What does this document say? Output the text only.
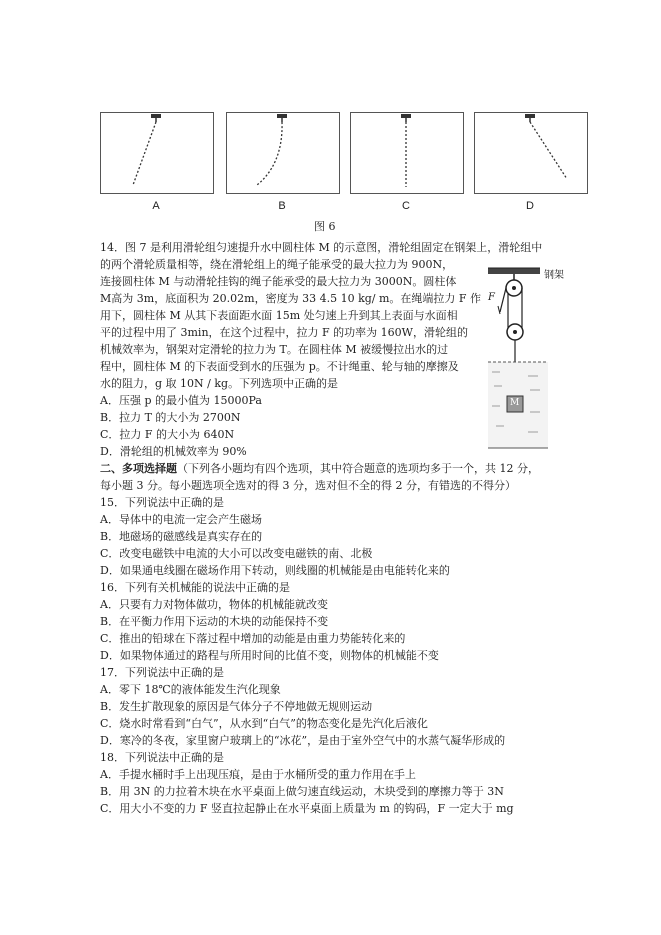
A	B	C	D
图 6
14．图 7 是利用滑轮组匀速提升水中圆柱体 M 的示意图，滑轮组固定在钢架上，滑轮组中
的两个滑轮质量相等，绕在滑轮组上的绳子能承受的最大拉力为 900N，
连接圆柱体 M 与动滑轮挂钩的绳子能承受的最大拉力为 3000N。圆柱体
M高为 3m，底面积为 20.02m，密度为 33 4.5 10 kg/ m。在绳端拉力 F 作
用下，圆柱体 M 从其下表面距水面 15m 处匀速上升到其上表面与水面相
平的过程中用了 3min，在这个过程中，拉力 F 的功率为 160W，滑轮组的
机械效率为，钢架对定滑轮的拉力为 T。在圆柱体 M 被缓慢拉出水的过
程中，圆柱体 M 的下表面受到水的压强为 p。不计绳重、轮与轴的摩擦及
水的阻力，g 取 10N / kg。下列选项中正确的是
A．压强 p 的最小值为 15000Pa
B．拉力 T 的大小为 2700N
C．拉力 F 的大小为 640N
D．滑轮组的机械效率为 90%
钢架
F
M
二、多项选择题（下列各小题均有四个选项，其中符合题意的选项均多于一个，共 12 分，
每小题 3 分。每小题选项全选对的得 3 分，选对但不全的得 2 分，有错选的不得分）
15．下列说法中正确的是
A．导体中的电流一定会产生磁场
B．地磁场的磁感线是真实存在的
C．改变电磁铁中电流的大小可以改变电磁铁的南、北极
D．如果通电线圈在磁场作用下转动，则线圈的机械能是由电能转化来的
16．下列有关机械能的说法中正确的是
A．只要有力对物体做功，物体的机械能就改变
B．在平衡力作用下运动的木块的动能保持不变
C．推出的铅球在下落过程中增加的动能是由重力势能转化来的
D．如果物体通过的路程与所用时间的比值不变，则物体的机械能不变
17．下列说法中正确的是
A．零下 18℃的液体能发生汽化现象
B．发生扩散现象的原因是气体分子不停地做无规则运动
C．烧水时常看到“白气”，从水到“白气”的物态变化是先汽化后液化
D．寒冷的冬夜，家里窗户玻璃上的“冰花”，是由于室外空气中的水蒸气凝华形成的
18．下列说法中正确的是
A．手提水桶时手上出现压痕，是由于水桶所受的重力作用在手上
B．用 3N 的力拉着木块在水平桌面上做匀速直线运动，木块受到的摩擦力等于 3N
C．用大小不变的力 F 竖直拉起静止在水平桌面上质量为 m 的钩码，F 一定大于 mg
